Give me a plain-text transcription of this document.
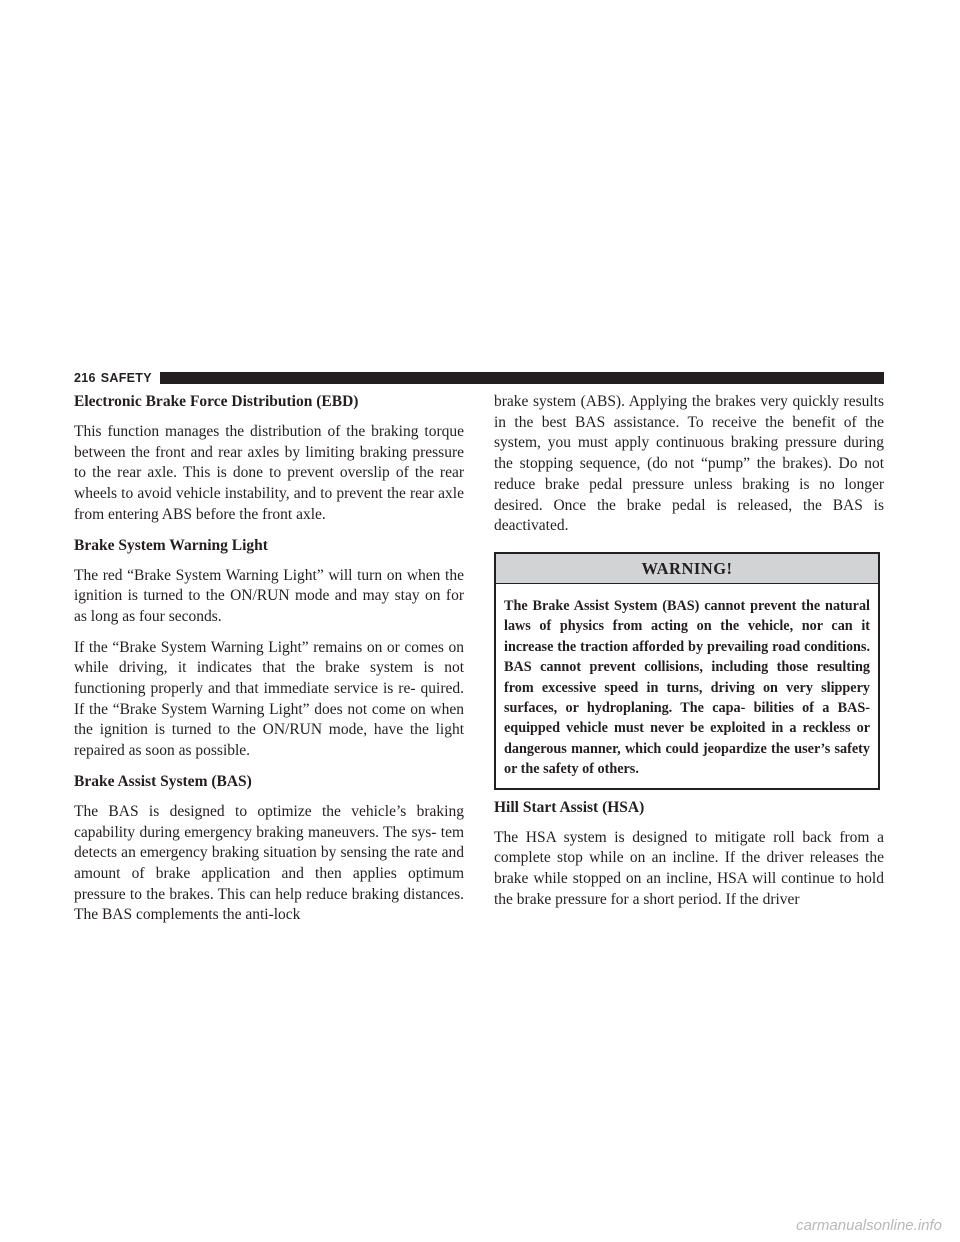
216 SAFETY
Electronic Brake Force Distribution (EBD)

This function manages the distribution of the braking torque between the front and rear axles by limiting braking pressure to the rear axle. This is done to prevent overslip of the rear wheels to avoid vehicle instability, and to prevent the rear axle from entering ABS before the front axle.

Brake System Warning Light

The red “Brake System Warning Light” will turn on when the ignition is turned to the ON/RUN mode and may stay on for as long as four seconds.

If the “Brake System Warning Light” remains on or comes on while driving, it indicates that the brake system is not functioning properly and that immediate service is re- quired. If the “Brake System Warning Light” does not come on when the ignition is turned to the ON/RUN mode, have the light repaired as soon as possible.

Brake Assist System (BAS)

The BAS is designed to optimize the vehicle’s braking capability during emergency braking maneuvers. The sys- tem detects an emergency braking situation by sensing the rate and amount of brake application and then applies optimum pressure to the brakes. This can help reduce braking distances. The BAS complements the anti-lock

brake system (ABS). Applying the brakes very quickly results in the best BAS assistance. To receive the benefit of the system, you must apply continuous braking pressure during the stopping sequence, (do not “pump” the brakes). Do not reduce brake pedal pressure unless braking is no longer desired. Once the brake pedal is released, the BAS is deactivated.

WARNING!

The Brake Assist System (BAS) cannot prevent the natural laws of physics from acting on the vehicle, nor can it increase the traction afforded by prevailing road conditions. BAS cannot prevent collisions, including those resulting from excessive speed in turns, driving on very slippery surfaces, or hydroplaning. The capa- bilities of a BAS-equipped vehicle must never be exploited in a reckless or dangerous manner, which could jeopardize the user’s safety or the safety of others.

Hill Start Assist (HSA)

The HSA system is designed to mitigate roll back from a complete stop while on an incline. If the driver releases the brake while stopped on an incline, HSA will continue to hold the brake pressure for a short period. If the driver

carmanualsonline.info
